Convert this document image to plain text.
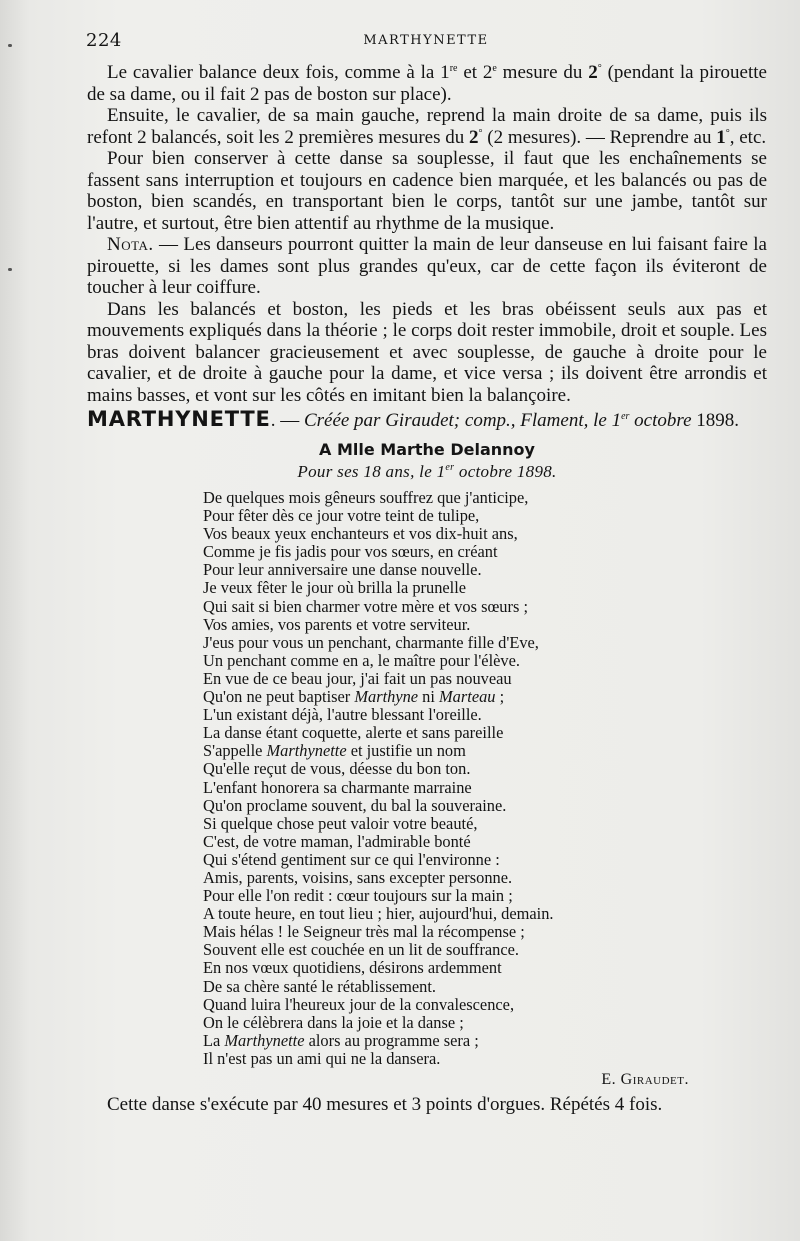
224	MARTHYNETTE

Le cavalier balance deux fois, comme à la 1re et 2e mesure du 2° (pendant la pirouette de sa dame, ou il fait 2 pas de boston sur place).

Ensuite, le cavalier, de sa main gauche, reprend la main droite de sa dame, puis ils refont 2 balancés, soit les 2 premières mesures du 2° (2 mesures). — Reprendre au 1°, etc.

Pour bien conserver à cette danse sa souplesse, il faut que les enchaînements se fassent sans interruption et toujours en cadence bien marquée, et les balancés ou pas de boston, bien scandés, en transportant bien le corps, tantôt sur une jambe, tantôt sur l'autre, et surtout, être bien attentif au rhythme de la musique.

Nota. — Les danseurs pourront quitter la main de leur danseuse en lui faisant faire la pirouette, si les dames sont plus grandes qu'eux, car de cette façon ils éviteront de toucher à leur coiffure.

Dans les balancés et boston, les pieds et les bras obéissent seuls aux pas et mouvements expliqués dans la théorie ; le corps doit rester immobile, droit et souple. Les bras doivent balancer gracieusement et avec souplesse, de gauche à droite pour le cavalier, et de droite à gauche pour la dame, et vice versa ; ils doivent être arrondis et mains basses, et vont sur les côtés en imitant bien la balançoire.

MARTHYNETTE. — Créée par Giraudet; comp., Flament, le 1er octobre 1898.
A Mlle Marthe Delannoy
Pour ses 18 ans, le 1er octobre 1898.
De quelques mois gêneurs souffrez que j'anticipe,
Pour fêter dès ce jour votre teint de tulipe,
Vos beaux yeux enchanteurs et vos dix-huit ans,
Comme je fis jadis pour vos sœurs, en créant
Pour leur anniversaire une danse nouvelle.
Je veux fêter le jour où brilla la prunelle
Qui sait si bien charmer votre mère et vos sœurs ;
Vos amies, vos parents et votre serviteur.
J'eus pour vous un penchant, charmante fille d'Eve,
Un penchant comme en a, le maître pour l'élève.
En vue de ce beau jour, j'ai fait un pas nouveau
Qu'on ne peut baptiser Marthyne ni Marteau ;
L'un existant déjà, l'autre blessant l'oreille.
La danse étant coquette, alerte et sans pareille
S'appelle Marthynette et justifie un nom
Qu'elle reçut de vous, déesse du bon ton.
L'enfant honorera sa charmante marraine
Qu'on proclame souvent, du bal la souveraine.
Si quelque chose peut valoir votre beauté,
C'est, de votre maman, l'admirable bonté
Qui s'étend gentiment sur ce qui l'environne :
Amis, parents, voisins, sans excepter personne.
Pour elle l'on redit : cœur toujours sur la main ;
A toute heure, en tout lieu ; hier, aujourd'hui, demain.
Mais hélas ! le Seigneur très mal la récompense ;
Souvent elle est couchée en un lit de souffrance.
En nos vœux quotidiens, désirons ardemment
De sa chère santé le rétablissement.
Quand luira l'heureux jour de la convalescence,
On le célèbrera dans la joie et la danse ;
La Marthynette alors au programme sera ;
Il n'est pas un ami qui ne la dansera.
E. Giraudet.

Cette danse s'exécute par 40 mesures et 3 points d'orgues. Répétés 4 fois.
